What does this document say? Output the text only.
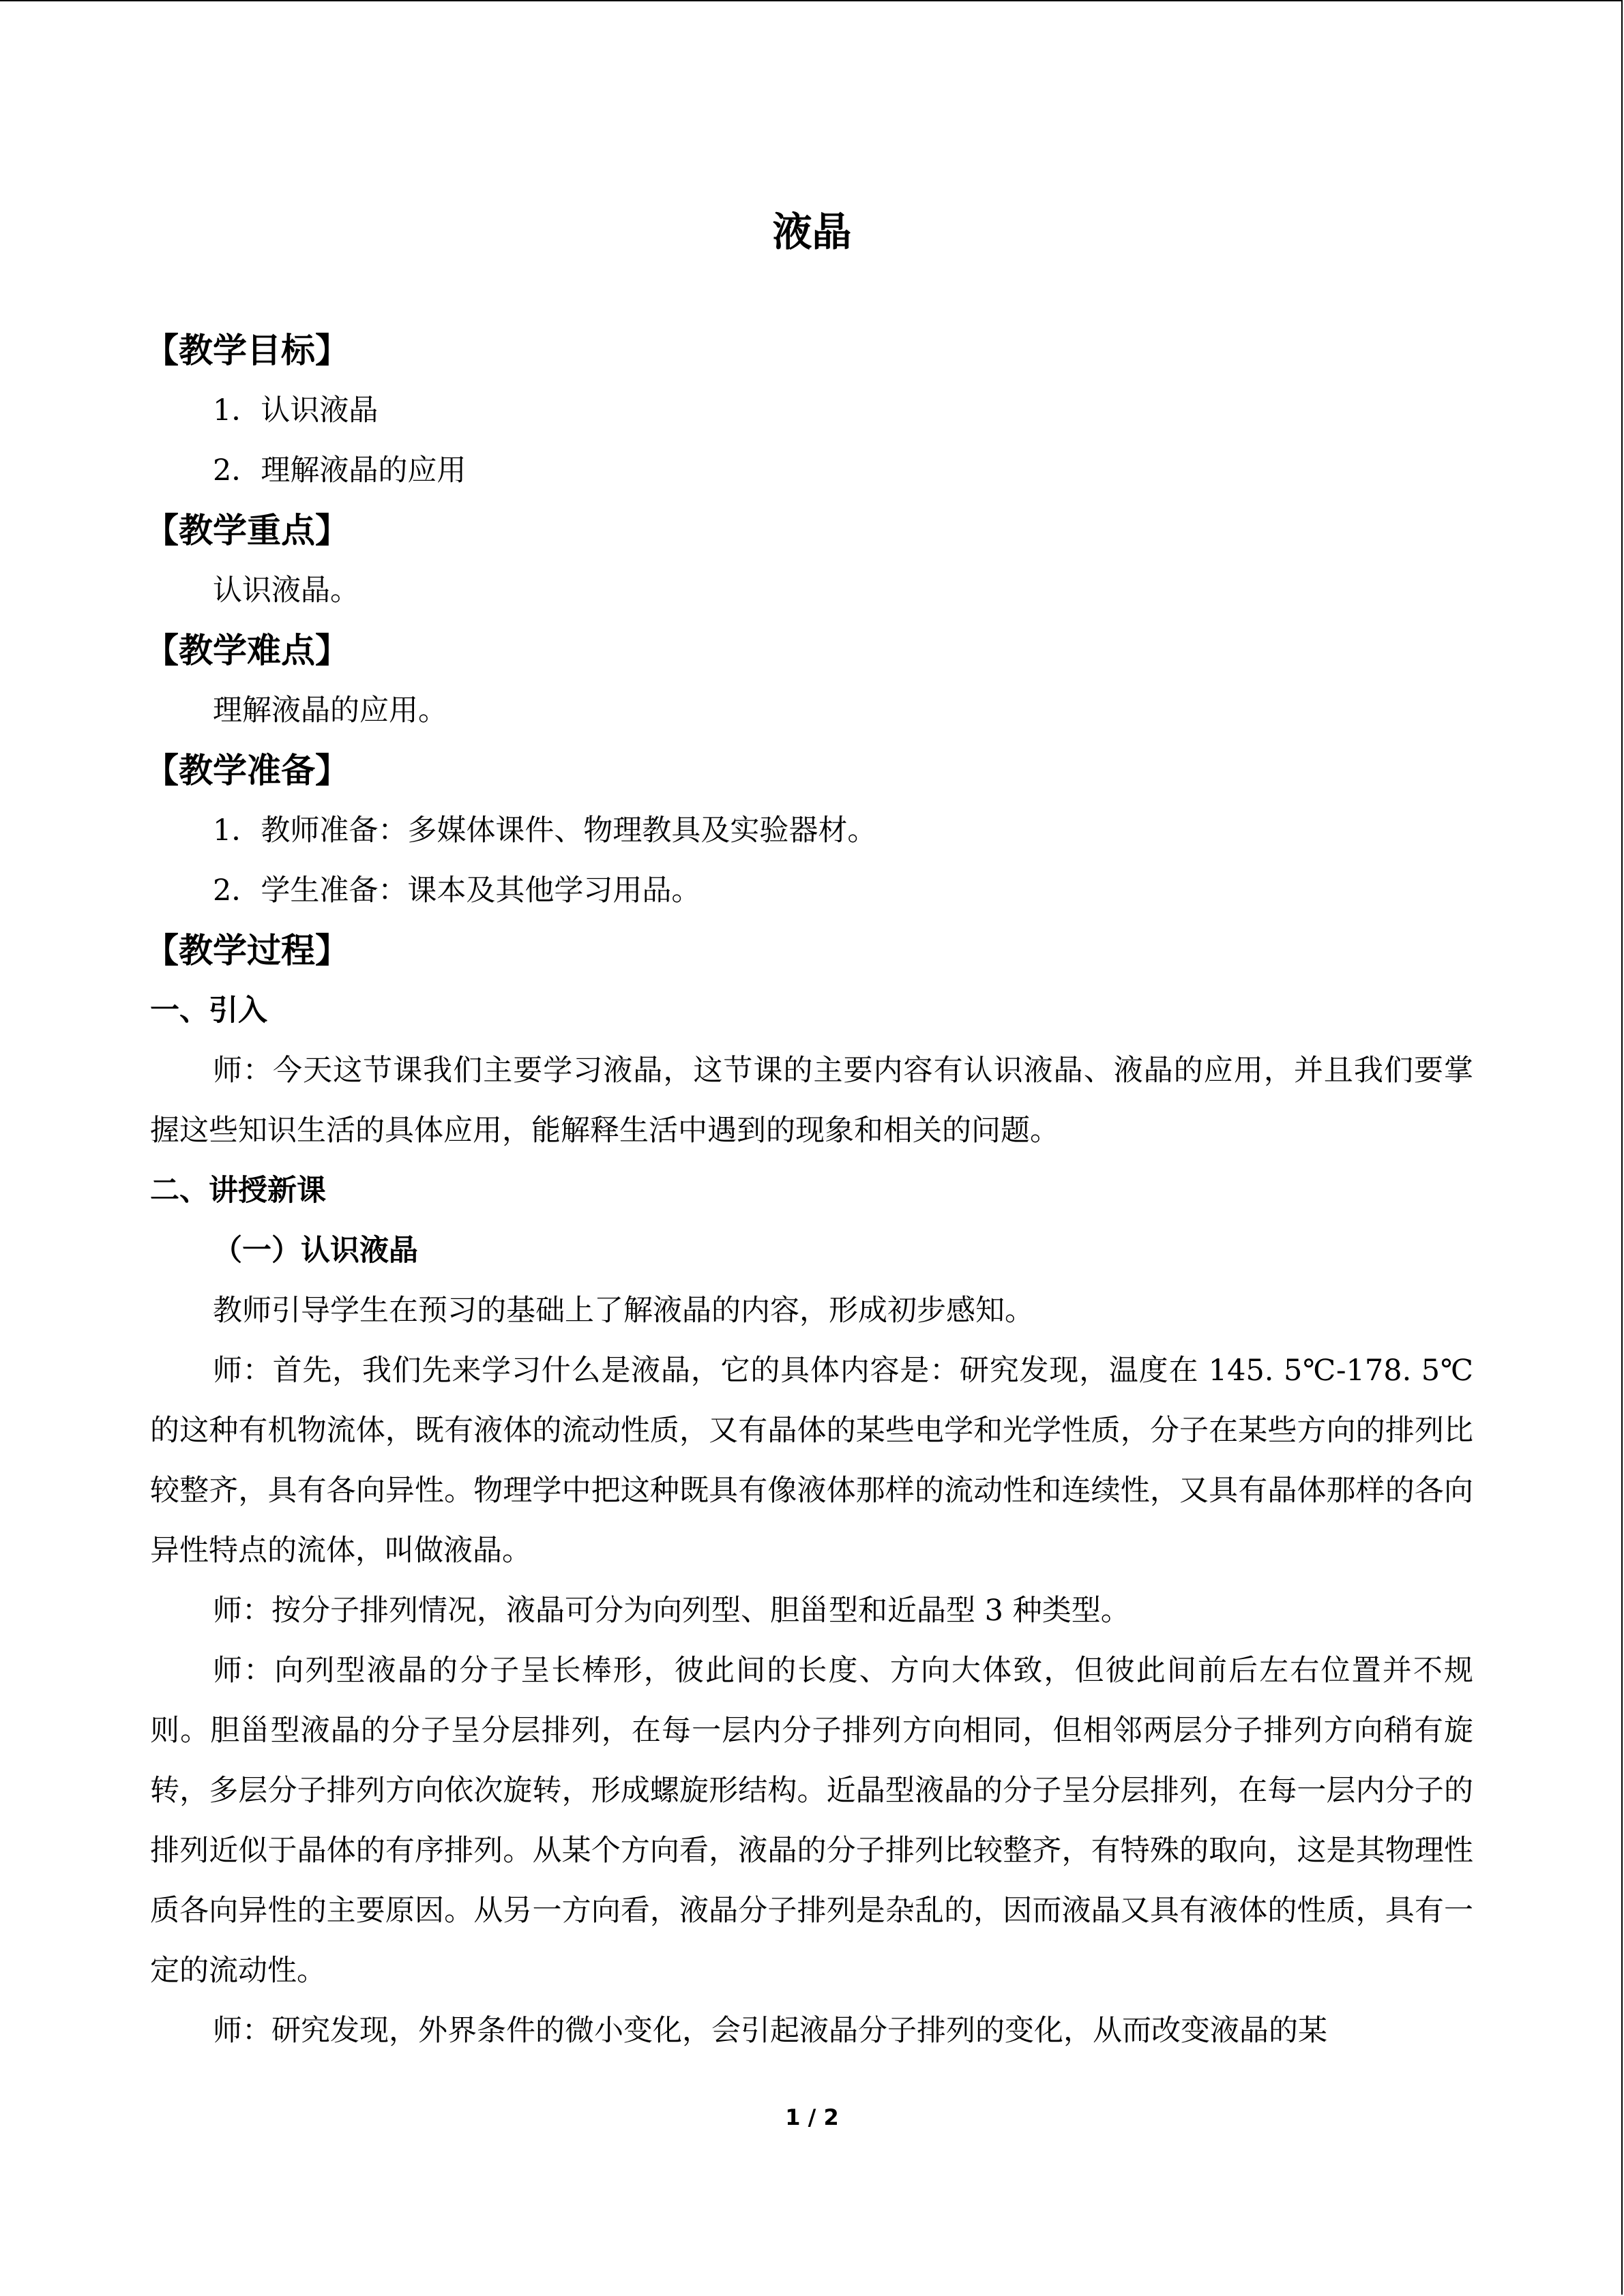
液晶
【教学目标】
1．认识液晶
2．理解液晶的应用
【教学重点】
认识液晶。
【教学难点】
理解液晶的应用。
【教学准备】
1．教师准备：多媒体课件、物理教具及实验器材。
2．学生准备：课本及其他学习用品。
【教学过程】
一、引入
师：今天这节课我们主要学习液晶，这节课的主要内容有认识液晶、液晶的应用，并且我们要掌握这些知识生活的具体应用，能解释生活中遇到的现象和相关的问题。
二、讲授新课
（一）认识液晶
教师引导学生在预习的基础上了解液晶的内容，形成初步感知。
师：首先，我们先来学习什么是液晶，它的具体内容是：研究发现，温度在 145. 5℃-178. 5℃的这种有机物流体，既有液体的流动性质，又有晶体的某些电学和光学性质，分子在某些方向的排列比较整齐，具有各向异性。物理学中把这种既具有像液体那样的流动性和连续性，又具有晶体那样的各向异性特点的流体，叫做液晶。
师：按分子排列情况，液晶可分为向列型、胆甾型和近晶型 3 种类型。
师：向列型液晶的分子呈长棒形，彼此间的长度、方向大体致，但彼此间前后左右位置并不规则。胆甾型液晶的分子呈分层排列，在每一层内分子排列方向相同，但相邻两层分子排列方向稍有旋转，多层分子排列方向依次旋转，形成螺旋形结构。近晶型液晶的分子呈分层排列，在每一层内分子的排列近似于晶体的有序排列。从某个方向看，液晶的分子排列比较整齐，有特殊的取向，这是其物理性质各向异性的主要原因。从另一方向看，液晶分子排列是杂乱的，因而液晶又具有液体的性质，具有一定的流动性。
师：研究发现，外界条件的微小变化，会引起液晶分子排列的变化，从而改变液晶的某
1 / 2
